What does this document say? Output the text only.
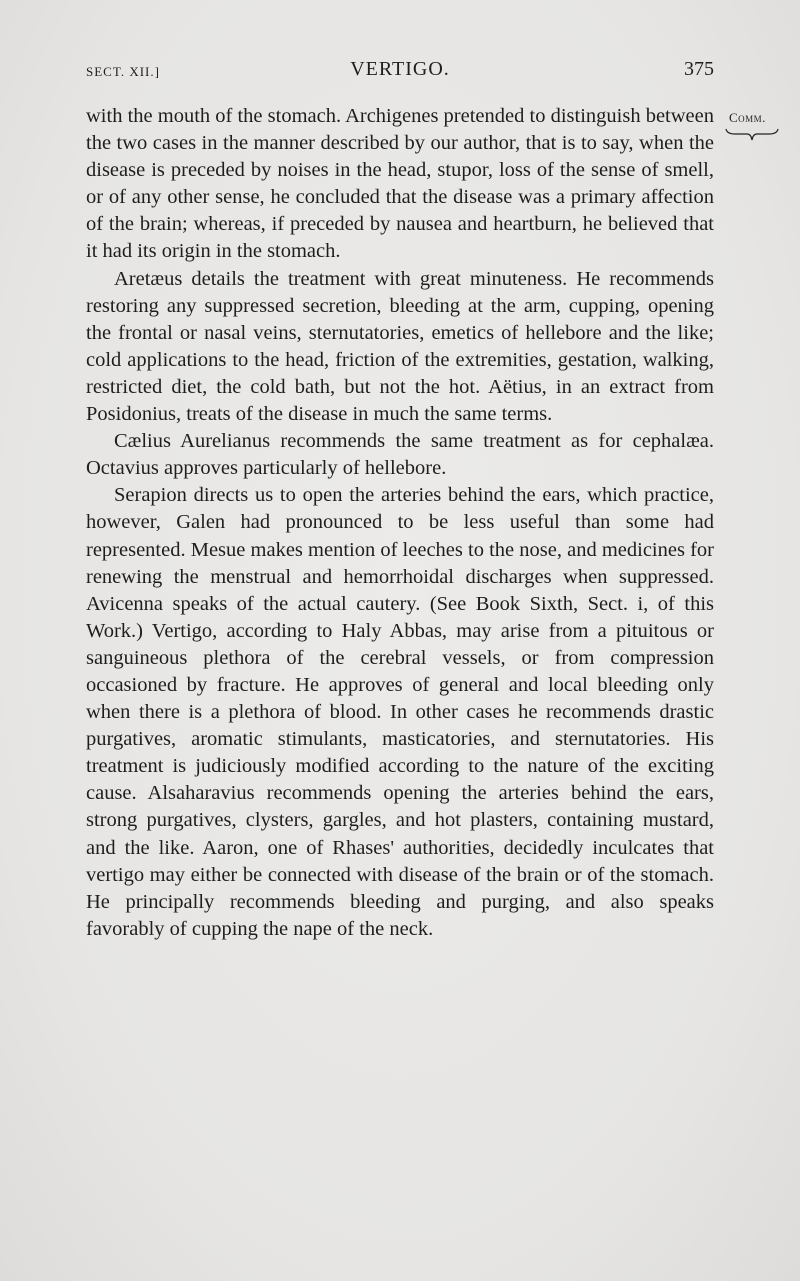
SECT. XII.]	VERTIGO.	375
Comm.

with the mouth of the stomach. Archigenes pretended to distinguish between the two cases in the manner described by our author, that is to say, when the disease is preceded by noises in the head, stupor, loss of the sense of smell, or of any other sense, he concluded that the disease was a primary affection of the brain; whereas, if preceded by nausea and heartburn, he believed that it had its origin in the stomach.

Aretæus details the treatment with great minuteness. He recommends restoring any suppressed secretion, bleeding at the arm, cupping, opening the frontal or nasal veins, sternutatories, emetics of hellebore and the like; cold applications to the head, friction of the extremities, gestation, walking, restricted diet, the cold bath, but not the hot. Aëtius, in an extract from Posidonius, treats of the disease in much the same terms.

Cælius Aurelianus recommends the same treatment as for cephalæa. Octavius approves particularly of hellebore.

Serapion directs us to open the arteries behind the ears, which practice, however, Galen had pronounced to be less useful than some had represented. Mesue makes mention of leeches to the nose, and medicines for renewing the menstrual and hemorrhoidal discharges when suppressed. Avicenna speaks of the actual cautery. (See Book Sixth, Sect. i, of this Work.) Vertigo, according to Haly Abbas, may arise from a pituitous or sanguineous plethora of the cerebral vessels, or from compression occasioned by fracture. He approves of general and local bleeding only when there is a plethora of blood. In other cases he recommends drastic purgatives, aromatic stimulants, masticatories, and sternutatories. His treatment is judiciously modified according to the nature of the exciting cause. Alsaharavius recommends opening the arteries behind the ears, strong purgatives, clysters, gargles, and hot plasters, containing mustard, and the like. Aaron, one of Rhases' authorities, decidedly inculcates that vertigo may either be connected with disease of the brain or of the stomach. He principally recommends bleeding and purging, and also speaks favorably of cupping the nape of the neck.
